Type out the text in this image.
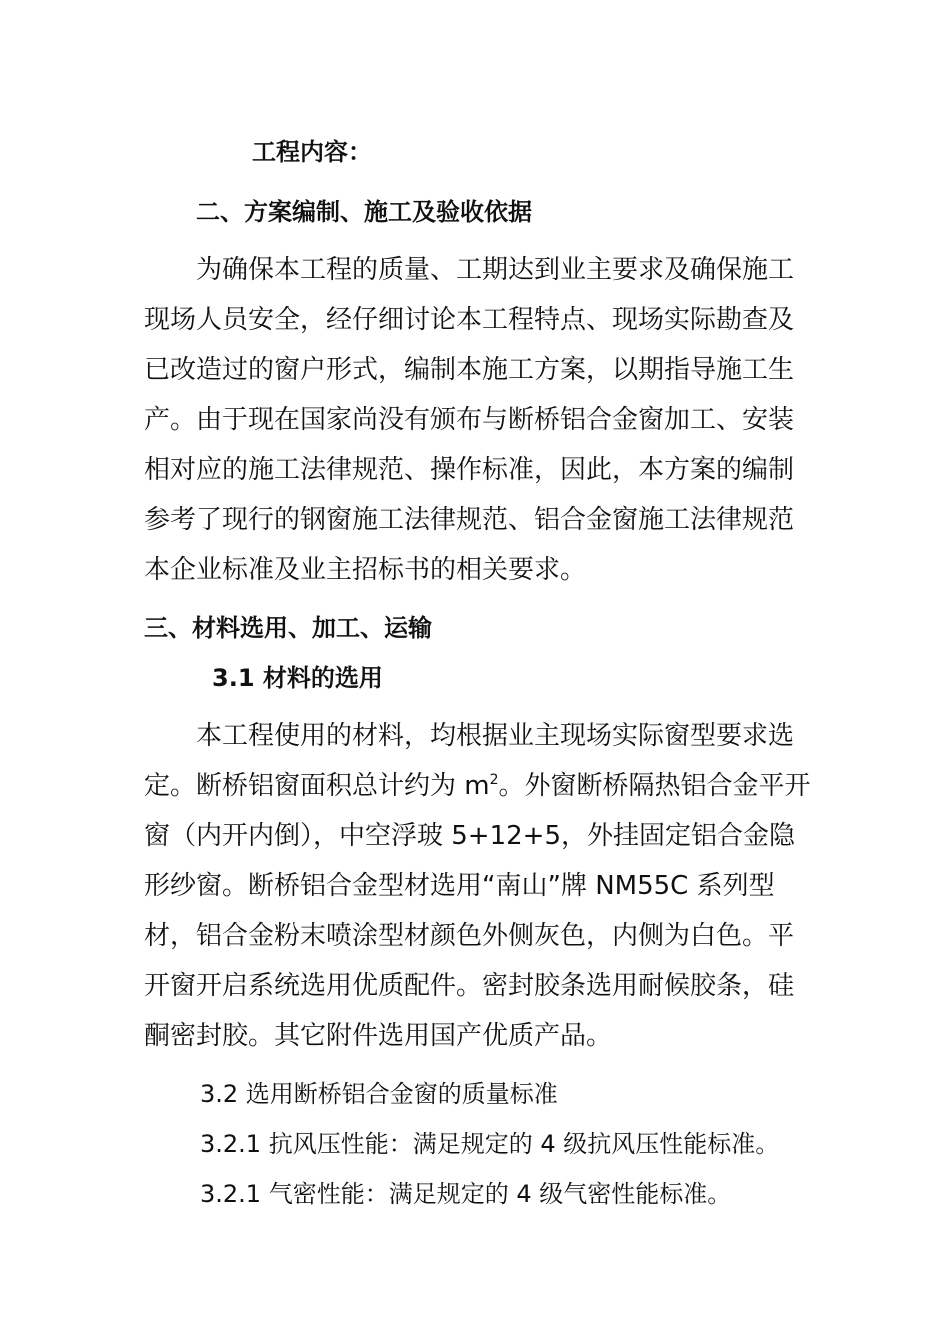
工程内容：
二、方案编制、施工及验收依据
为确保本工程的质量、工期达到业主要求及确保施工
现场人员安全，经仔细讨论本工程特点、现场实际勘查及
已改造过的窗户形式，编制本施工方案，以期指导施工生
产。由于现在国家尚没有颁布与断桥铝合金窗加工、安装
相对应的施工法律规范、操作标准，因此，本方案的编制
参考了现行的钢窗施工法律规范、铝合金窗施工法律规范
本企业标准及业主招标书的相关要求。
三、材料选用、加工、运输
3.1 材料的选用
本工程使用的材料，均根据业主现场实际窗型要求选
定。断桥铝窗面积总计约为 $m^2$。外窗断桥隔热铝合金平开
窗（内开内倒），中空浮玻 5+12+5，外挂固定铝合金隐
形纱窗。断桥铝合金型材选用“南山”牌 NM55C 系列型
材，铝合金粉末喷涂型材颜色外侧灰色，内侧为白色。平
开窗开启系统选用优质配件。密封胶条选用耐候胶条，硅
酮密封胶。其它附件选用国产优质产品。

3.2 选用断桥铝合金窗的质量标准

3.2.1 抗风压性能：满足规定的 4 级抗风压性能标准。

3.2.1 气密性能：满足规定的 4 级气密性能标准。
